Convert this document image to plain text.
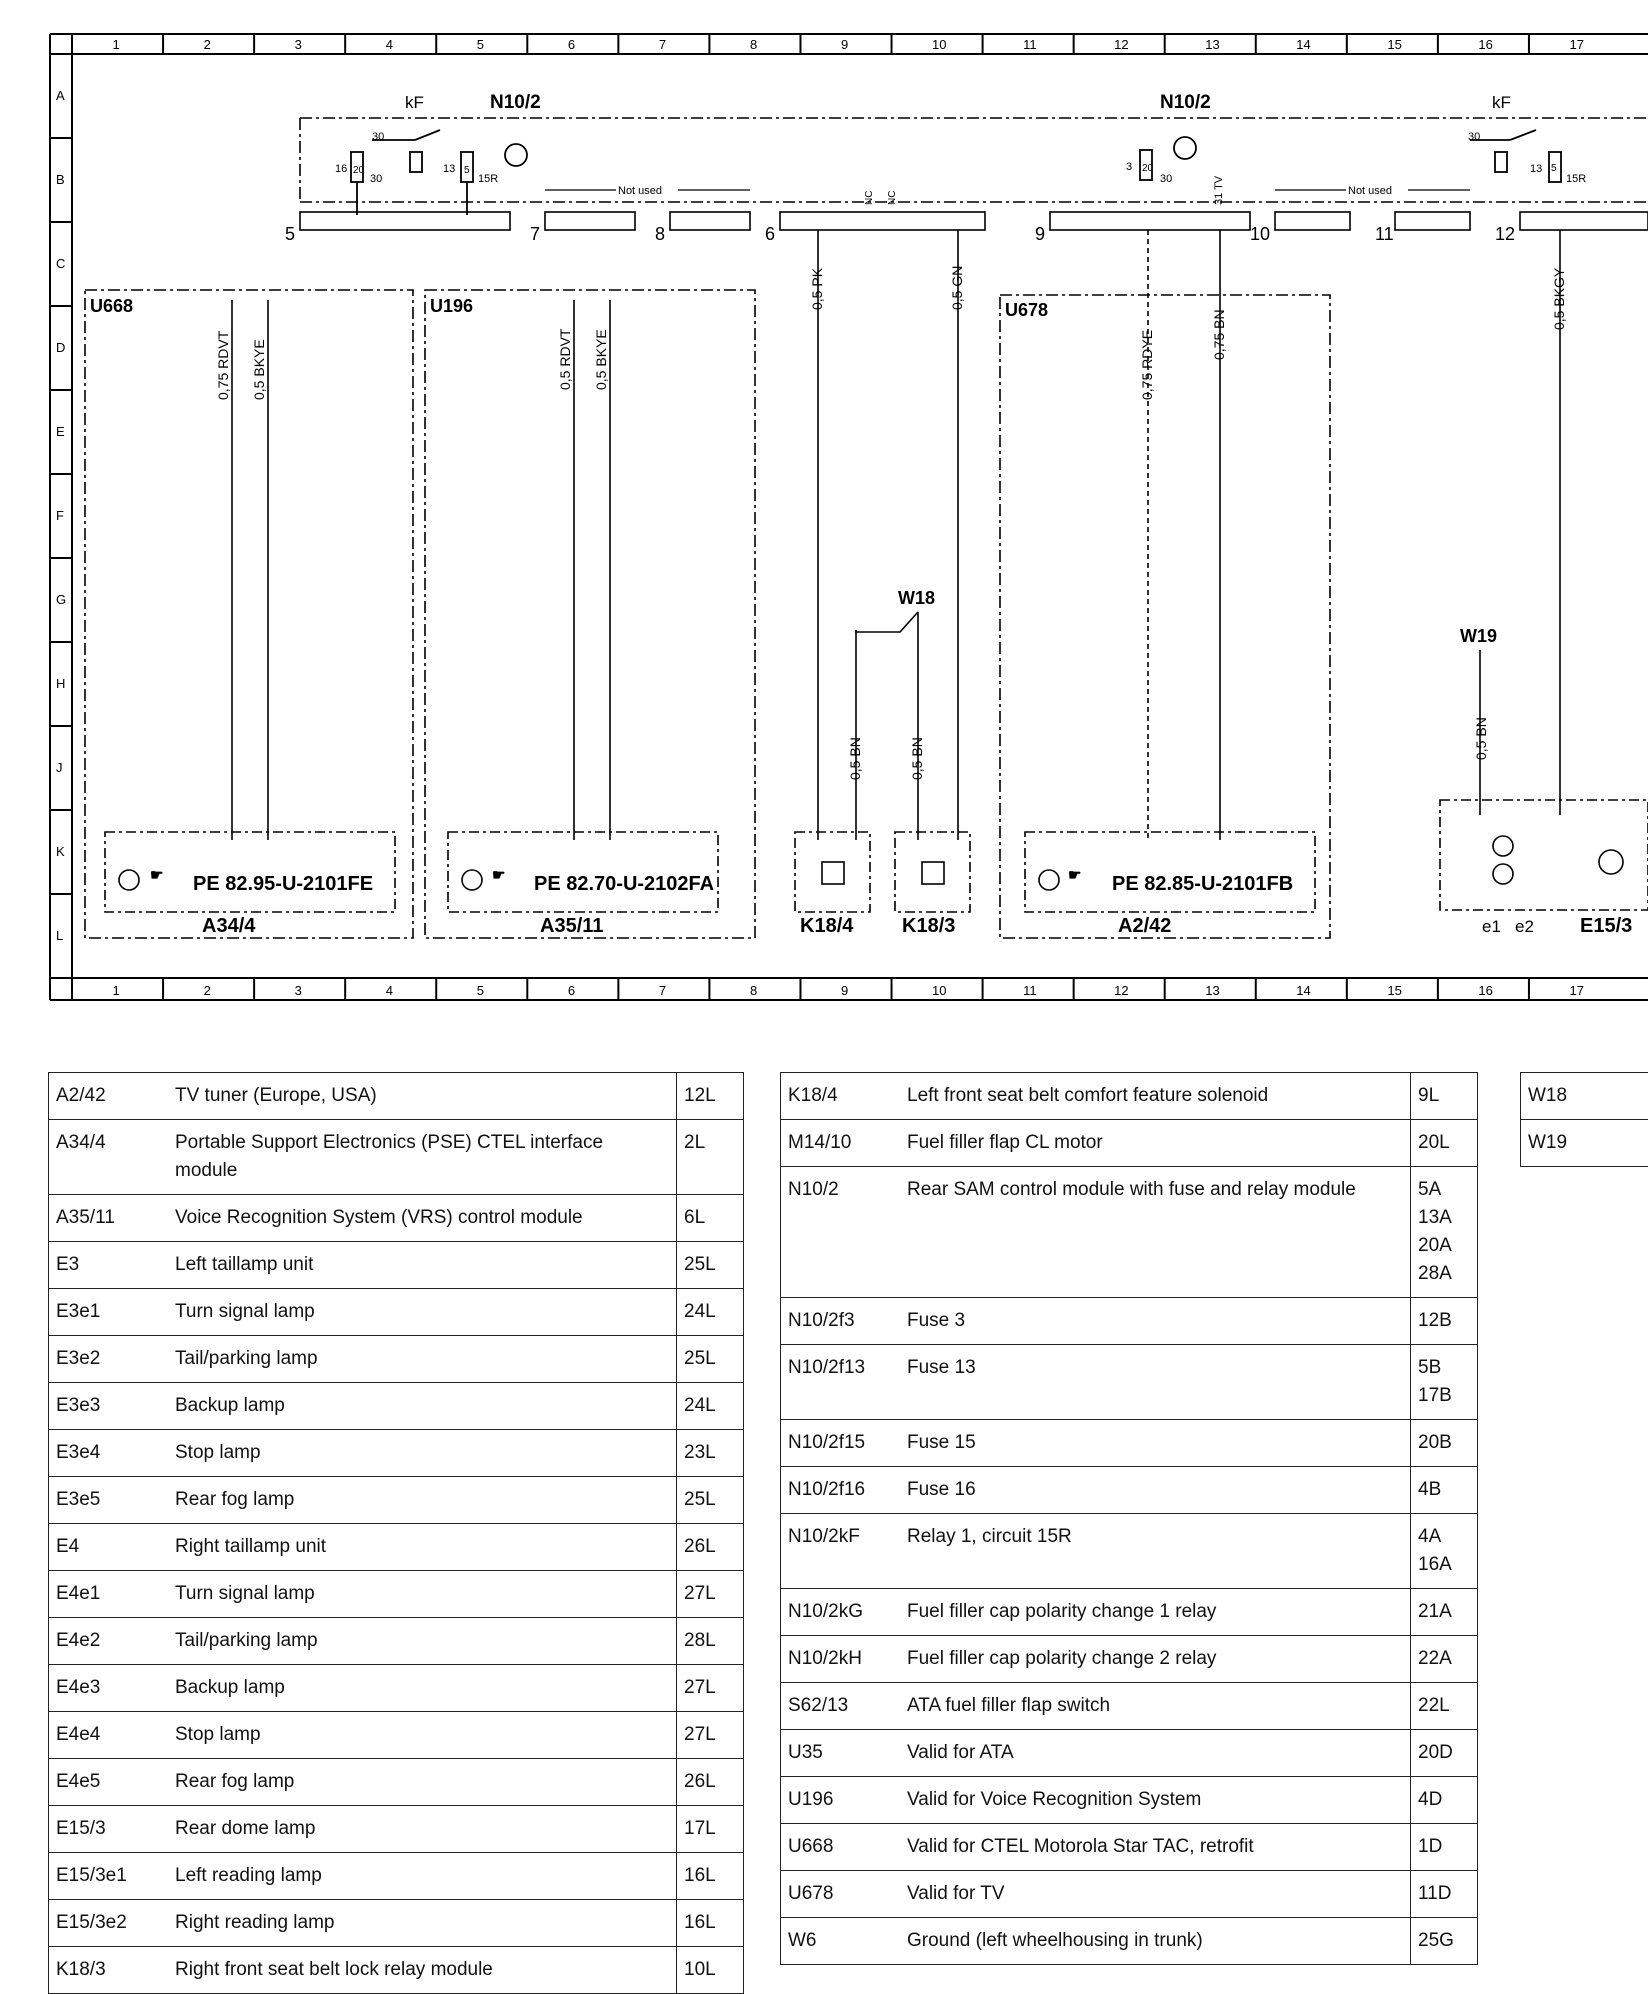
1
1
2
2
3
3
4
4
5
5
6
6
7
7
8
8
9
9
10
10
11
11
12
12
13
13
14
14
15
15
16
16
17
17
A
B
C
D
E
F
G
H
J
K
L
kF	N10/2	N10/2	kF
30
16 20
30
13 5
15R
5	7	8	6	9	10	11	12
Not used	Not used
3 20
30
30
13 5
15R
31 TV
NC NC
U668	U196	U678
0,75 RDVT 0,5 BKYE	0,5 RDVT 0,5 BKYE
0,5 PK	0,5 GN
0,75 RDYE	0,75 BN
0,5 BKGY
0,5 BN	0,5 BN	0,5 BN
W18
W19
PE 82.95-U-2101FE	PE 82.70-U-2102FA	PE 82.85-U-2101FB
☛	☛	☛
A34/4	A35/11	K18/4 K18/3	A2/42	E15/3
e1 e2
A2/42	TV tuner (Europe, USA)	12L

A34/4	Portable Support Electronics (PSE) CTEL interface module	2L

A35/11	Voice Recognition System (VRS) control module	6L

E3	Left taillamp unit	25L

E3e1	Turn signal lamp	24L

E3e2	Tail/parking lamp	25L

E3e3	Backup lamp	24L

E3e4	Stop lamp	23L

E3e5	Rear fog lamp	25L

E4	Right taillamp unit	26L

E4e1	Turn signal lamp	27L

E4e2	Tail/parking lamp	28L

E4e3	Backup lamp	27L

E4e4	Stop lamp	27L

E4e5	Rear fog lamp	26L

E15/3	Rear dome lamp	17L

E15/3e1	Left reading lamp	16L

E15/3e2	Right reading lamp	16L

K18/3	Right front seat belt lock relay module	10L
K18/4	Left front seat belt comfort feature solenoid	9L

M14/10	Fuel filler flap CL motor	20L

N10/2	Rear SAM control module with fuse and relay module	5A
13A
20A
28A

N10/2f3	Fuse 3	12B

N10/2f13	Fuse 13	5B
17B

N10/2f15	Fuse 15	20B

N10/2f16	Fuse 16	4B

N10/2kF	Relay 1, circuit 15R	4A
16A

N10/2kG	Fuel filler cap polarity change 1 relay	21A

N10/2kH	Fuel filler cap polarity change 2 relay	22A

S62/13	ATA fuel filler flap switch	22L

U35	Valid for ATA	20D

U196	Valid for Voice Recognition System	4D

U668	Valid for CTEL Motorola Star TAC, retrofit	1D

U678	Valid for TV	11D

W6	Ground (left wheelhousing in trunk)	25G
W18
W19
